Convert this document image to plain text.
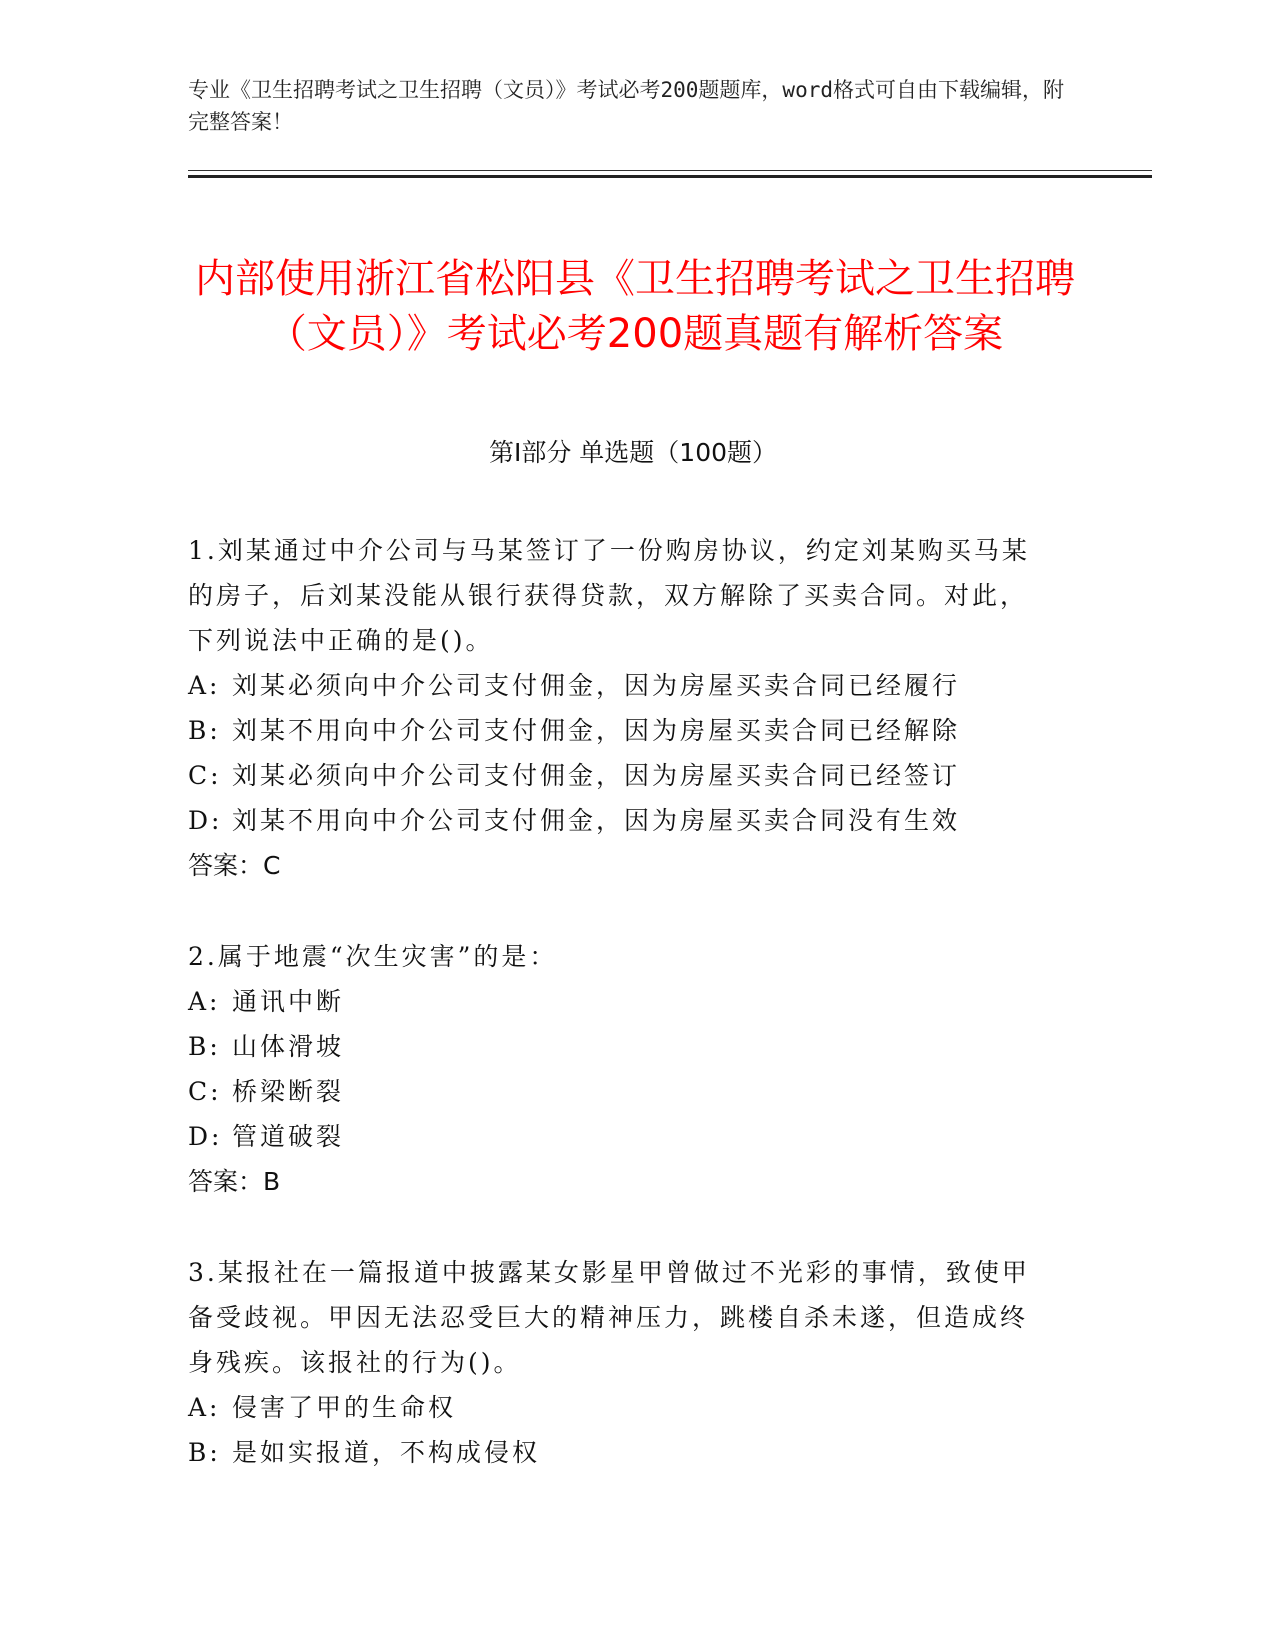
专业《卫生招聘考试之卫生招聘（文员）》考试必考200题题库，word格式可自由下载编辑，附完整答案！
内部使用浙江省松阳县《卫生招聘考试之卫生招聘（文员）》考试必考200题真题有解析答案
第Ⅰ部分 单选题（100题）

1.刘某通过中介公司与马某签订了一份购房协议，约定刘某购买马某的房子，后刘某没能从银行获得贷款，双方解除了买卖合同。对此，下列说法中正确的是()。

A: 刘某必须向中介公司支付佣金，因为房屋买卖合同已经履行

B: 刘某不用向中介公司支付佣金，因为房屋买卖合同已经解除

C: 刘某必须向中介公司支付佣金，因为房屋买卖合同已经签订

D: 刘某不用向中介公司支付佣金，因为房屋买卖合同没有生效

答案：C

2.属于地震“次生灾害”的是：

A: 通讯中断

B: 山体滑坡

C: 桥梁断裂

D: 管道破裂

答案：B

3.某报社在一篇报道中披露某女影星甲曾做过不光彩的事情，致使甲备受歧视。甲因无法忍受巨大的精神压力，跳楼自杀未遂，但造成终身残疾。该报社的行为()。

A: 侵害了甲的生命权

B: 是如实报道，不构成侵权
